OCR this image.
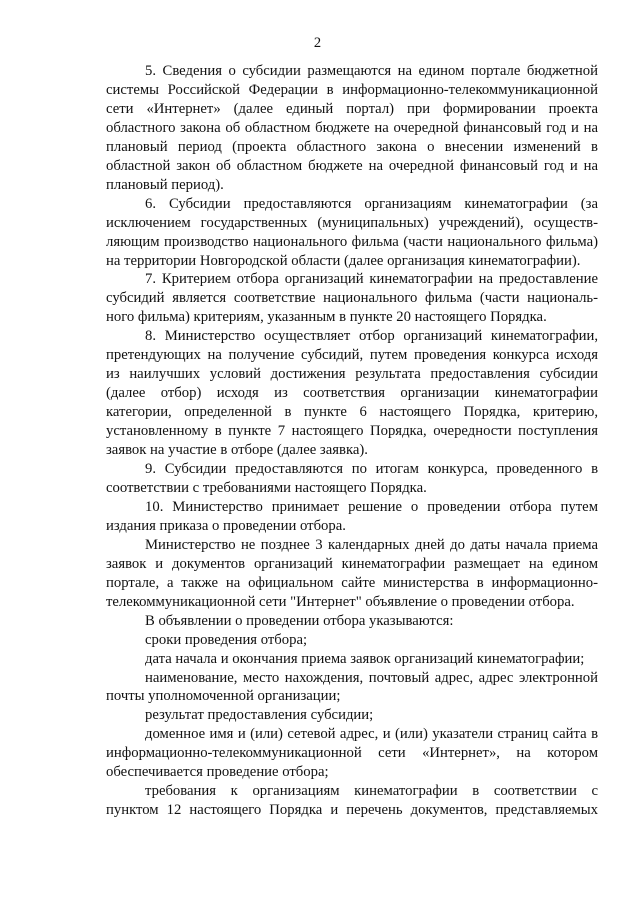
2
5. Сведения о субсидии размещаются на едином портале бюджетной
системы Российской Федерации в информационно-телекоммуникационной
сети «Интернет» (далее единый портал) при формировании проекта
областного закона об областном бюджете на очередной финансовый год и на
плановый период (проекта областного закона о внесении изменений в
областной закон об областном бюджете на очередной финансовый год и на
плановый период).
6. Субсидии предоставляются организациям кинематографии (за
исключением государственных (муниципальных) учреждений), осуществ-
ляющим производство национального фильма (части национального фильма)
на территории Новгородской области (далее организация кинематографии).
7. Критерием отбора организаций кинематографии на предоставление
субсидий является соответствие национального фильма (части националь-
ного фильма) критериям, указанным в пункте 20 настоящего Порядка.
8. Министерство осуществляет отбор организаций кинематографии,
претендующих на получение субсидий, путем проведения конкурса исходя
из наилучших условий достижения результата предоставления субсидии
(далее отбор) исходя из соответствия организации кинематографии
категории, определенной в пункте 6 настоящего Порядка, критерию,
установленному в пункте 7 настоящего Порядка, очередности поступления
заявок на участие в отборе (далее заявка).
9. Субсидии предоставляются по итогам конкурса, проведенного в
соответствии с требованиями настоящего Порядка.
10. Министерство принимает решение о проведении отбора путем
издания приказа о проведении отбора.
Министерство не позднее 3 календарных дней до даты начала приема
заявок и документов организаций кинематографии размещает на едином
портале, а также на официальном сайте министерства в информационно-
телекоммуникационной сети "Интернет" объявление о проведении отбора.
В объявлении о проведении отбора указываются:
сроки проведения отбора;
дата начала и окончания приема заявок организаций кинематографии;
наименование, место нахождения, почтовый адрес, адрес электронной
почты уполномоченной организации;
результат предоставления субсидии;
доменное имя и (или) сетевой адрес, и (или) указатели страниц сайта в
информационно-телекоммуникационной сети «Интернет», на котором
обеспечивается проведение отбора;
требования к организациям кинематографии в соответствии с
пунктом 12 настоящего Порядка и перечень документов, представляемых
